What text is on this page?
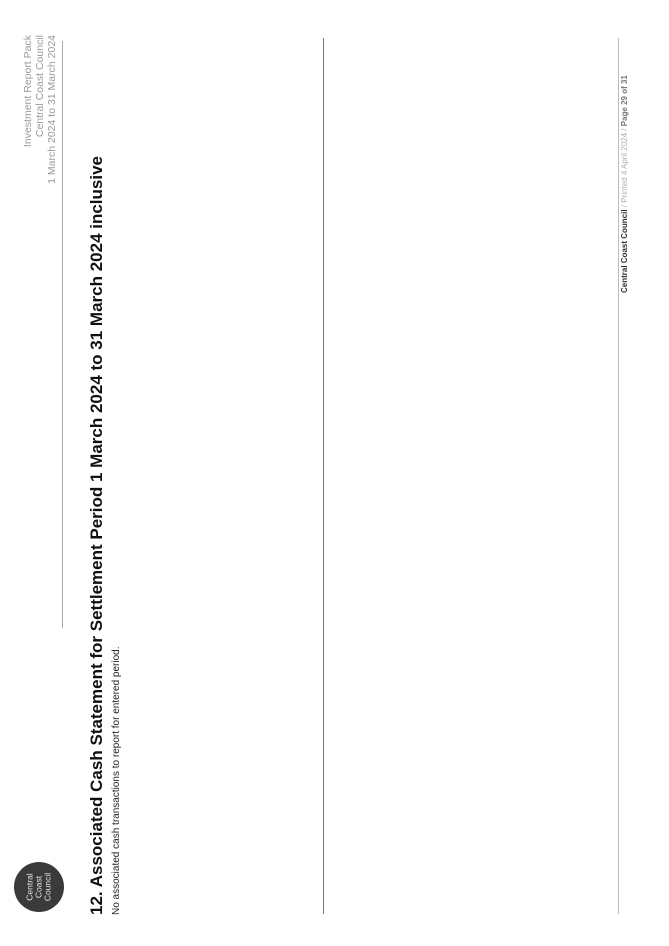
Central Coast Council
Investment Report Pack Central Coast Council 1 March 2024 to 31 March 2024
12. Associated Cash Statement for Settlement Period 1 March 2024 to 31 March 2024 inclusive No associated cash transactions to report for entered period.
Central Coast Council / Printed 4 April 2024 / Page 29 of 31
